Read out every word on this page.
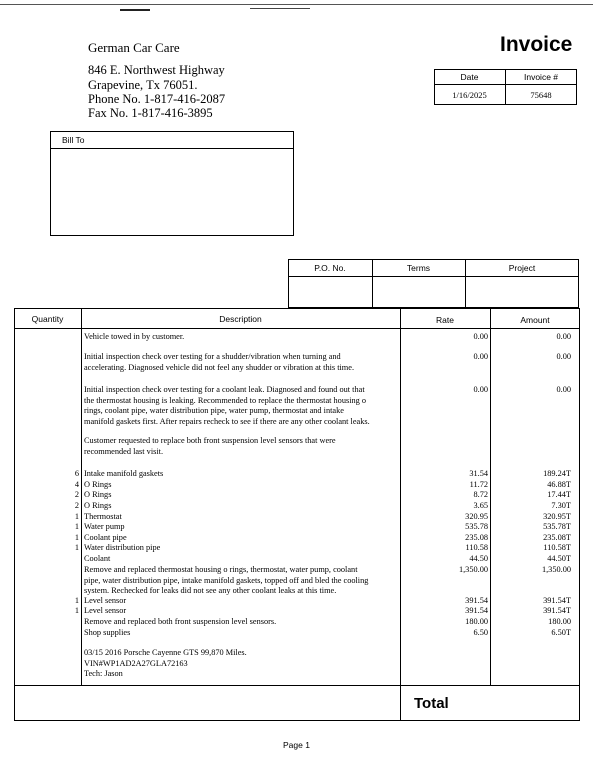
German Car Care
846 E. Northwest Highway
Grapevine, Tx 76051.
Phone No. 1-817-416-2087
Fax No. 1-817-416-3895
Invoice
Date	Invoice #
1/16/2025	75648
Bill To
P.O. No.	Terms	Project
Quantity	Description	Rate	Amount
Vehicle towed in by customer.	0.00	0.00
Initial inspection check over testing for a shudder/vibration when turning and
accelerating. Diagnosed vehicle did not feel any shudder or vibration at this time.
0.00	0.00
Initial inspection check over testing for a coolant leak. Diagnosed and found out that
the thermostat housing is leaking. Recommended to replace the thermostat housing o
rings, coolant pipe, water distribution pipe, water pump, thermostat and intake
manifold gaskets first. After repairs recheck to see if there are any other coolant leaks.
0.00	0.00
Customer requested to replace both front suspension level sensors that were
recommended last visit.
6 Intake manifold gaskets	31.54	189.24T
4 O Rings	11.72	46.88T
2 O Rings	8.72	17.44T
2 O Rings	3.65	7.30T
1 Thermostat	320.95	320.95T
1 Water pump	535.78	535.78T
1 Coolant pipe	235.08	235.08T
1 Water distribution pipe	110.58	110.58T
Coolant	44.50	44.50T
Remove and replaced thermostat housing o rings, thermostat, water pump, coolant
pipe, water distribution pipe, intake manifold gaskets, topped off and bled the cooling
system. Rechecked for leaks did not see any other coolant leaks at this time.
1,350.00	1,350.00
1 Level sensor	391.54	391.54T
1 Level sensor	391.54	391.54T
Remove and replaced both front suspension level sensors.	180.00	180.00
Shop supplies	6.50	6.50T
03/15 2016 Porsche Cayenne GTS 99,870 Miles.
VIN#WP1AD2A27GLA72163
Tech: Jason
Total
Page 1
